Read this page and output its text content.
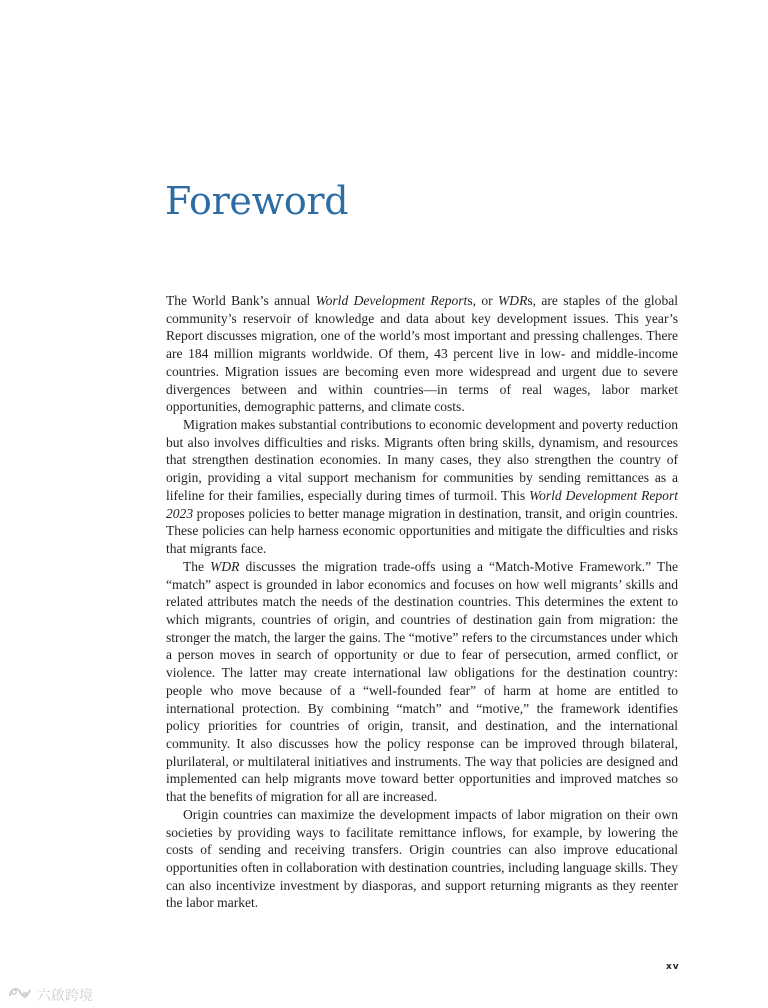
Foreword

The World Bank’s annual World Development Reports, or WDRs, are staples of the global community’s reservoir of knowledge and data about key development issues. This year’s Report discusses migration, one of the world’s most important and pressing challenges. There are 184 million migrants worldwide. Of them, 43 percent live in low- and middle-income countries. Migration issues are becoming even more widespread and urgent due to severe divergences between and within countries—in terms of real wages, labor market opportunities, demographic patterns, and climate costs.

Migration makes substantial contributions to economic development and poverty reduction but also involves difficulties and risks. Migrants often bring skills, dynamism, and resources that strengthen destination economies. In many cases, they also strengthen the country of origin, providing a vital support mechanism for communities by sending remittances as a lifeline for their families, especially during times of turmoil. This World Development Report 2023 proposes policies to better manage migration in destination, transit, and origin countries. These policies can help harness economic opportunities and mitigate the difficulties and risks that migrants face.

The WDR discusses the migration trade-offs using a “Match-Motive Framework.” The “match” aspect is grounded in labor economics and focuses on how well migrants’ skills and related attributes match the needs of the destination countries. This determines the extent to which migrants, countries of origin, and countries of destination gain from migration: the stronger the match, the larger the gains. The “motive” refers to the circumstances under which a person moves in search of opportunity or due to fear of persecution, armed conflict, or violence. The latter may create international law obligations for the destination country: people who move because of a “well-founded fear” of harm at home are entitled to international protection. By combining “match” and “motive,” the framework identifies policy priorities for countries of origin, transit, and destination, and the international community. It also discusses how the policy response can be improved through bilateral, plurilateral, or multilateral initiatives and instruments. The way that policies are designed and implemented can help migrants move toward better opportunities and improved matches so that the benefits of migration for all are increased.

Origin countries can maximize the development impacts of labor migration on their own societies by providing ways to facilitate remittance inflows, for example, by lowering the costs of sending and receiving transfers. Origin countries can also improve educational opportunities often in collaboration with destination countries, including language skills. They can also incentivize investment by diasporas, and support returning migrants as they reenter the labor market.

xv
六啟跨境
